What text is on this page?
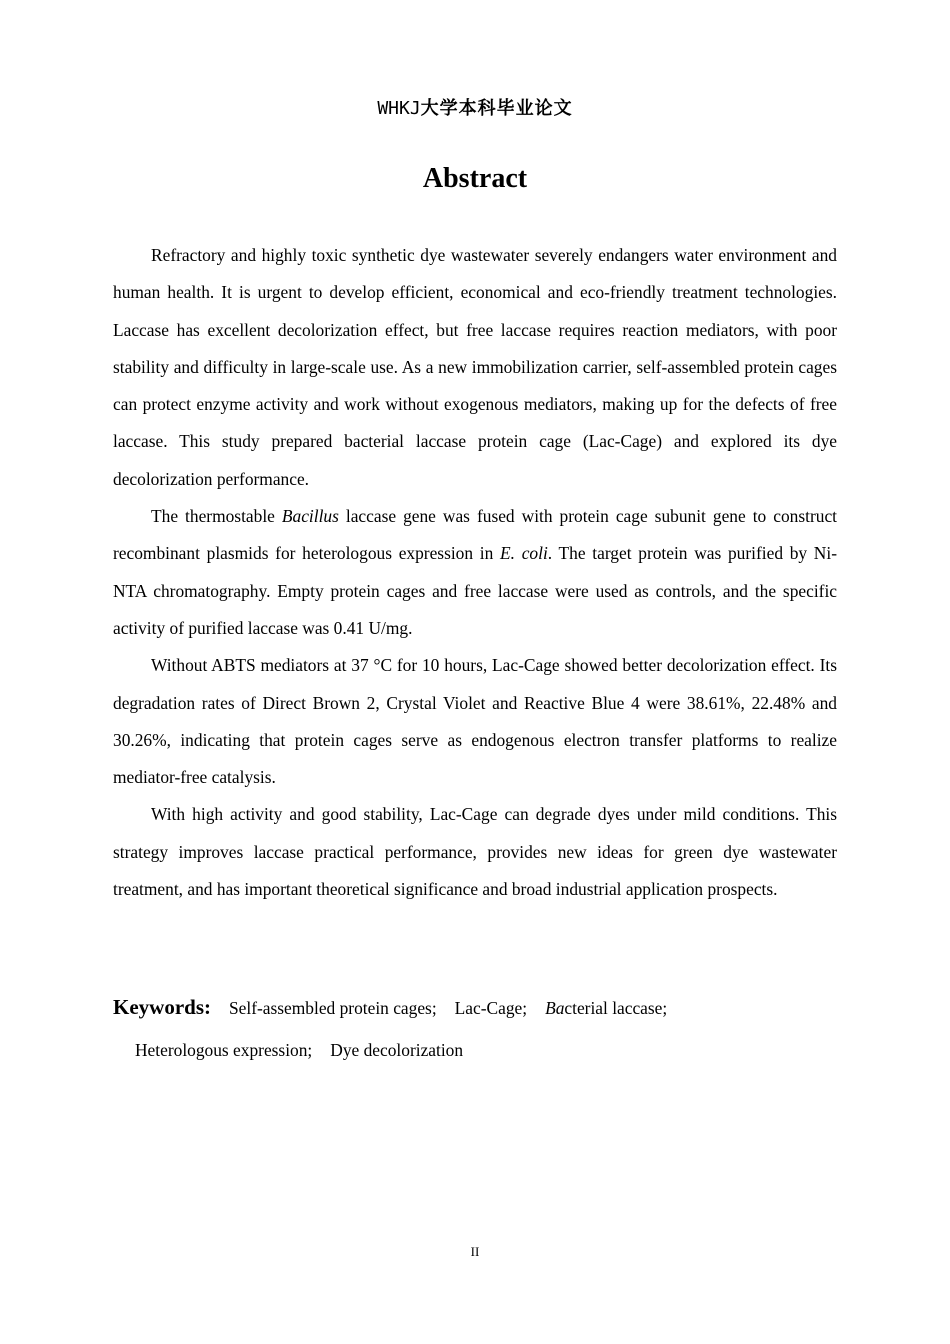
WHKJ大学本科毕业论文
Abstract

Refractory and highly toxic synthetic dye wastewater severely endangers water environment and human health. It is urgent to develop efficient, economical and eco-friendly treatment technologies. Laccase has excellent decolorization effect, but free laccase requires reaction mediators, with poor stability and difficulty in large-scale use. As a new immobilization carrier, self-assembled protein cages can protect enzyme activity and work without exogenous mediators, making up for the defects of free laccase. This study prepared bacterial laccase protein cage (Lac-Cage) and explored its dye decolorization performance.

The thermostable Bacillus laccase gene was fused with protein cage subunit gene to construct recombinant plasmids for heterologous expression in E. coli. The target protein was purified by Ni-NTA chromatography. Empty protein cages and free laccase were used as controls, and the specific activity of purified laccase was 0.41 U/mg.

Without ABTS mediators at 37 °C for 10 hours, Lac-Cage showed better decolorization effect. Its degradation rates of Direct Brown 2, Crystal Violet and Reactive Blue 4 were 38.61%, 22.48% and 30.26%, indicating that protein cages serve as endogenous electron transfer platforms to realize mediator-free catalysis.

With high activity and good stability, Lac-Cage can degrade dyes under mild conditions. This strategy improves laccase practical performance, provides new ideas for green dye wastewater treatment, and has important theoretical significance and broad industrial application prospects.

Keywords: Self-assembled protein cages; Lac-Cage; Bacterial laccase;
Heterologous expression; Dye decolorization
II
